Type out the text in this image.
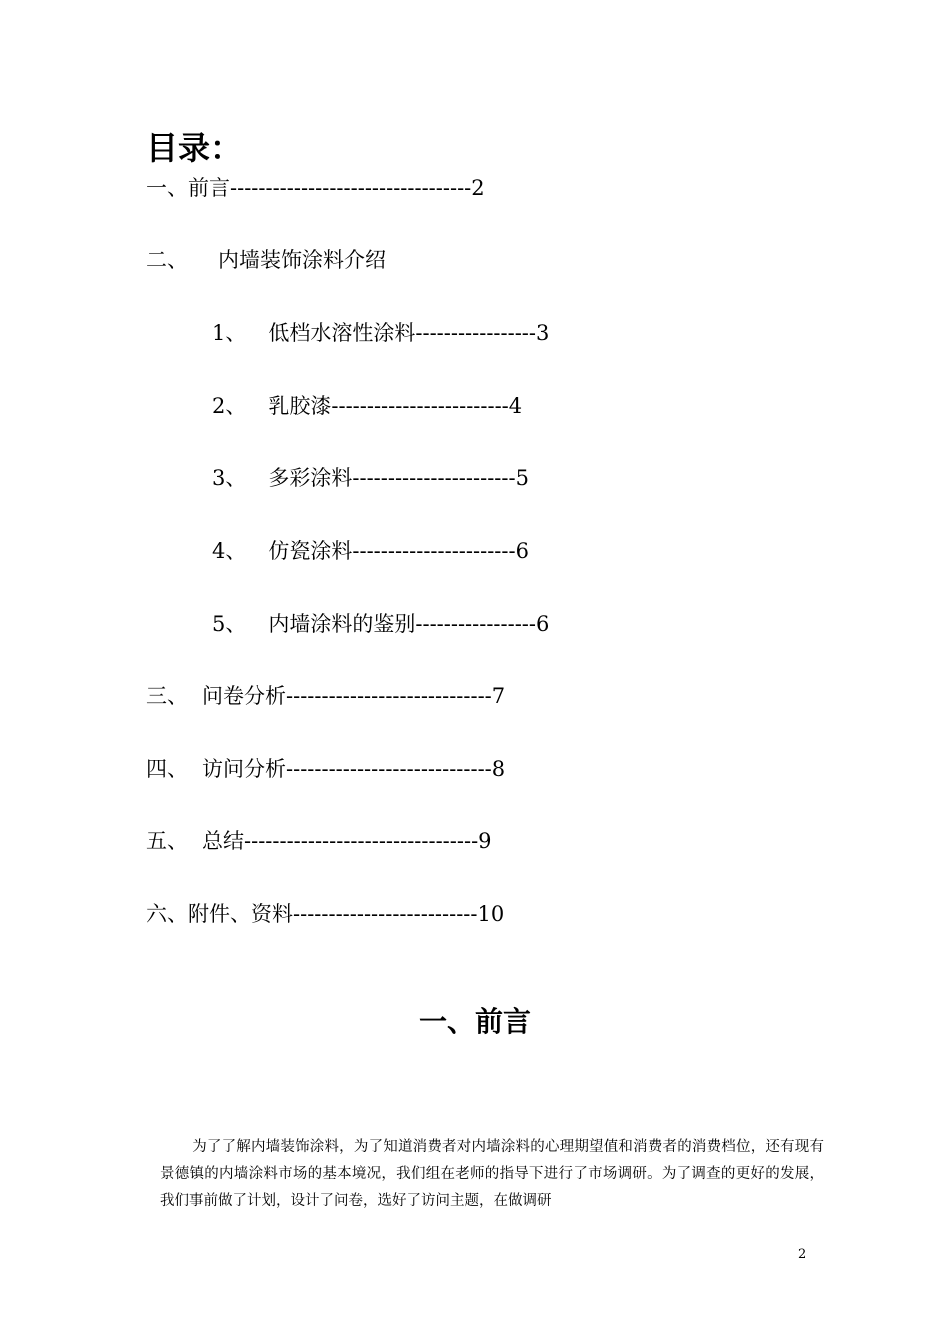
目录：
一、前言----------------------------------2
二、 内墙装饰涂料介绍
1、 低档水溶性涂料-----------------3
2、 乳胶漆-------------------------4
3、 多彩涂料-----------------------5
4、 仿瓷涂料-----------------------6
5、 内墙涂料的鉴别-----------------6
三、 问卷分析-----------------------------7
四、 访问分析-----------------------------8
五、 总结---------------------------------9
六、附件、资料--------------------------10
一、前言
为了了解内墙装饰涂料，为了知道消费者对内墙涂料的心理期望值和消费者的消费档位，还有现有景德镇的内墙涂料市场的基本境况，我们组在老师的指导下进行了市场调研。为了调查的更好的发展，我们事前做了计划，设计了问卷，选好了访问主题，在做调研
2
